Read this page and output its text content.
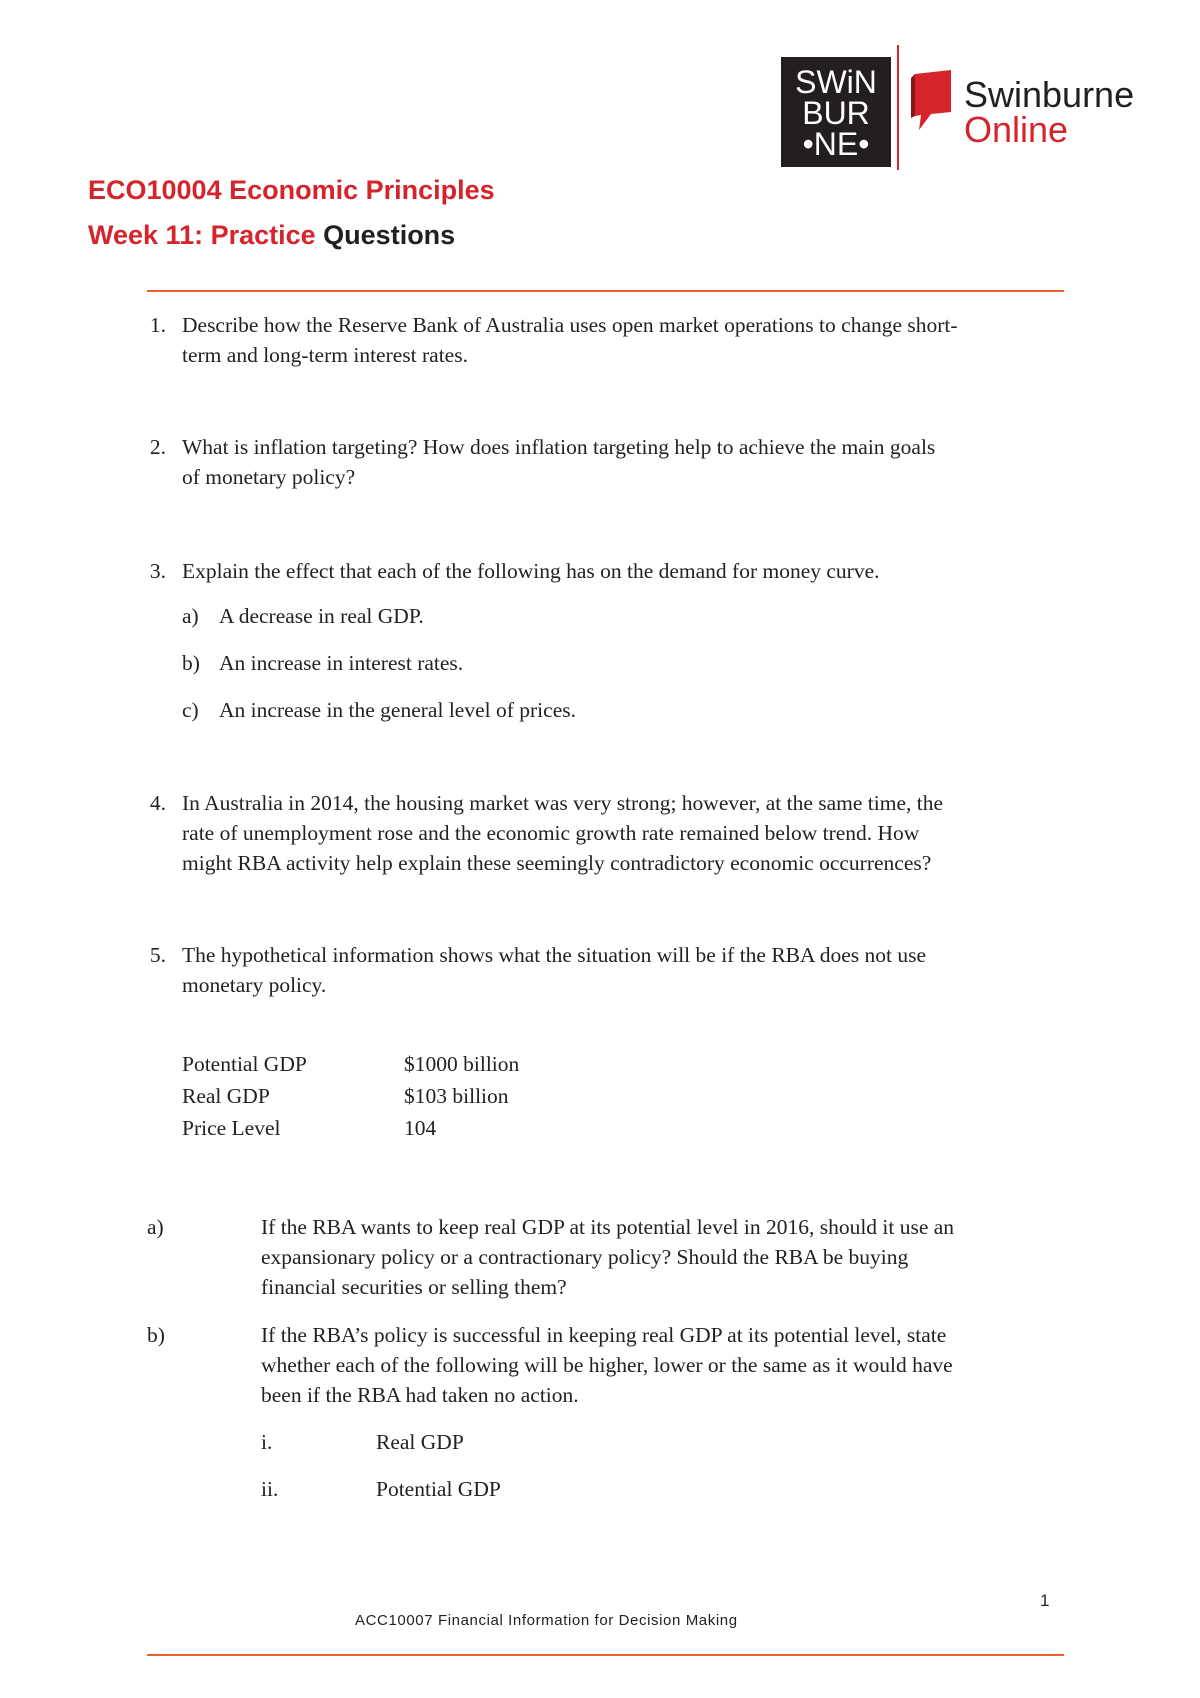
SWiN
BUR
•NE•
Swinburne
Online
ECO10004 Economic Principles
Week 11: Practice Questions
1. Describe how the Reserve Bank of Australia uses open market operations to change short-
term and long-term interest rates.
2. What is inflation targeting? How does inflation targeting help to achieve the main goals
of monetary policy?
3. Explain the effect that each of the following has on the demand for money curve.
a) A decrease in real GDP.
b) An increase in interest rates.
c) An increase in the general level of prices.
4. In Australia in 2014, the housing market was very strong; however, at the same time, the
rate of unemployment rose and the economic growth rate remained below trend. How
might RBA activity help explain these seemingly contradictory economic occurrences?
5. The hypothetical information shows what the situation will be if the RBA does not use
monetary policy.
Potential GDP	$1000 billion
Real GDP	$103 billion
Price Level	104
a)	If the RBA wants to keep real GDP at its potential level in 2016, should it use an
expansionary policy or a contractionary policy? Should the RBA be buying
financial securities or selling them?
b)	If the RBA’s policy is successful in keeping real GDP at its potential level, state
whether each of the following will be higher, lower or the same as it would have
been if the RBA had taken no action.
i.	Real GDP
ii.	Potential GDP
1
ACC10007 Financial Information for Decision Making
